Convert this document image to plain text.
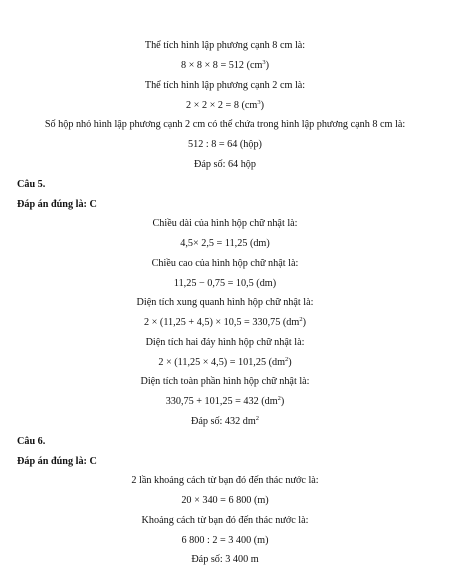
Thể tích hình lập phương cạnh 8 cm là:
8 × 8 × 8 = 512 $(cm^3)$
Thể tích hình lập phương cạnh 2 cm là:
2 × 2 × 2 = 8 $(cm^3)$
Số hộp nhỏ hình lập phương cạnh 2 cm có thể chứa trong hình lập phương cạnh 8 cm là:
512 : 8 = 64 (hộp)
Đáp số: 64 hộp
Câu 5.
Đáp án đúng là: C
Chiều dài của hình hộp chữ nhật là:
4,5× 2,5 = 11,25 (dm)
Chiều cao của hình hộp chữ nhật là:
11,25 − 0,75 = 10,5 (dm)
Diện tích xung quanh hình hộp chữ nhật là:
2 × (11,25 + 4,5) × 10,5 = 330,75 $(dm^2)$
Diện tích hai đáy hình hộp chữ nhật là:
2 × (11,25 × 4,5) = 101,25 $(dm^2)$
Diện tích toàn phần hình hộp chữ nhật là:
330,75 + 101,25 = 432 $(dm^2)$
Đáp số: 432 $dm^2$
Câu 6.
Đáp án đúng là: C
2 lần khoảng cách từ bạn đó đến thác nước là:
20 × 340 = 6 800 (m)
Khoảng cách từ bạn đó đến thác nước là:
6 800 : 2 = 3 400 (m)
Đáp số: 3 400 m
